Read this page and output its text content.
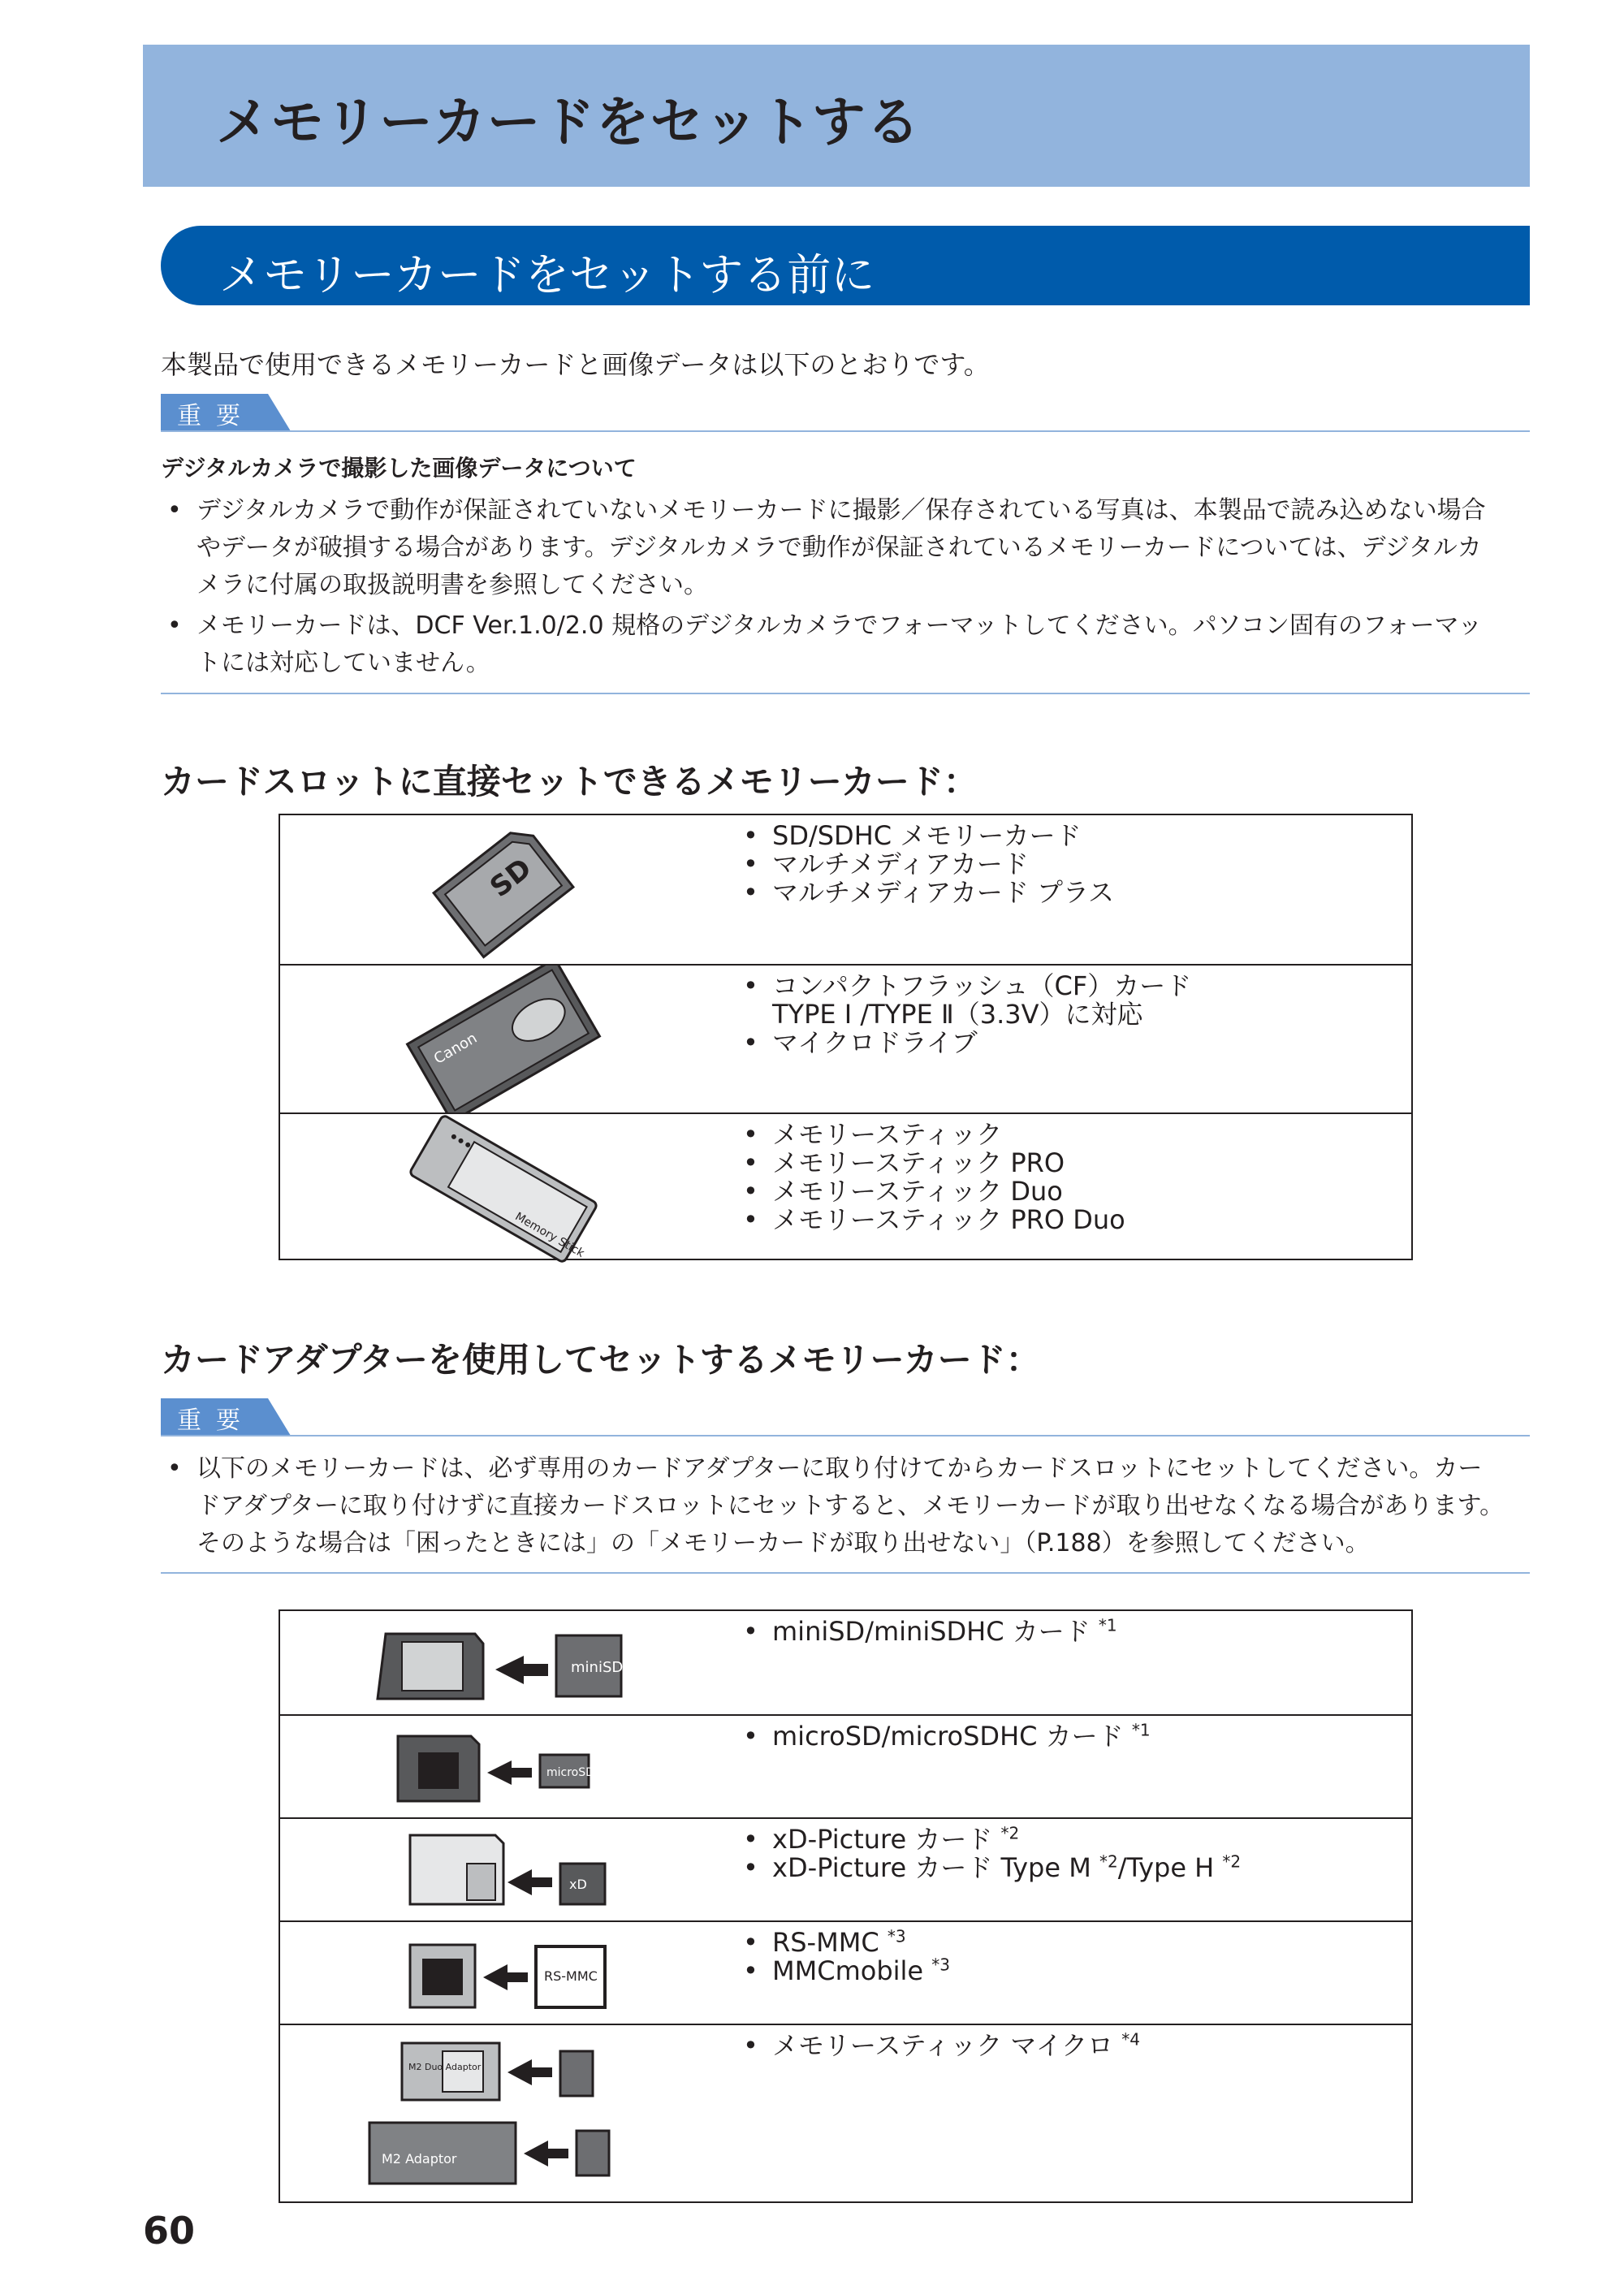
メモリーカードをセットする
メモリーカードをセットする前に
本製品で使用できるメモリーカードと画像データは以下のとおりです。
重要
デジタルカメラで撮影した画像データについて
• デジタルカメラで動作が保証されていないメモリーカードに撮影／保存されている写真は、本製品で読み込めない場合
やデータが破損する場合があります。デジタルカメラで動作が保証されているメモリーカードについては、デジタルカ
メラに付属の取扱説明書を参照してください。
• メモリーカードは、DCF Ver.1.0/2.0 規格のデジタルカメラでフォーマットしてください。パソコン固有のフォーマッ
トには対応していません。
カードスロットに直接セットできるメモリーカード：
SD
• SD/SDHC メモリーカード
• マルチメディアカード
• マルチメディアカード プラス
Canon
• コンパクトフラッシュ（CF）カード
TYPE Ⅰ /TYPE Ⅱ（3.3V）に対応
• マイクロドライブ
Memory Stick
• メモリースティック
• メモリースティック PRO
• メモリースティック Duo
• メモリースティック PRO Duo
カードアダプターを使用してセットするメモリーカード：
重要
• 以下のメモリーカードは、必ず専用のカードアダプターに取り付けてからカードスロットにセットしてください。カー
ドアダプターに取り付けずに直接カードスロットにセットすると、メモリーカードが取り出せなくなる場合があります。
そのような場合は「困ったときには」の「メモリーカードが取り出せない」（P.188）を参照してください。
miniSD
• miniSD/miniSDHC カード $^{*1}$
microSD
• microSD/microSDHC カード $^{*1}$
xD
• xD-Picture カード $^{*2}$
• xD-Picture カード Type M $^{*2}$/Type H $^{*2}$
RS-MMC
• RS-MMC $^{*3}$
• MMCmobile $^{*3}$
M2 Duo Adaptor
M2 Adaptor
• メモリースティック マイクロ $^{*4}$
60
